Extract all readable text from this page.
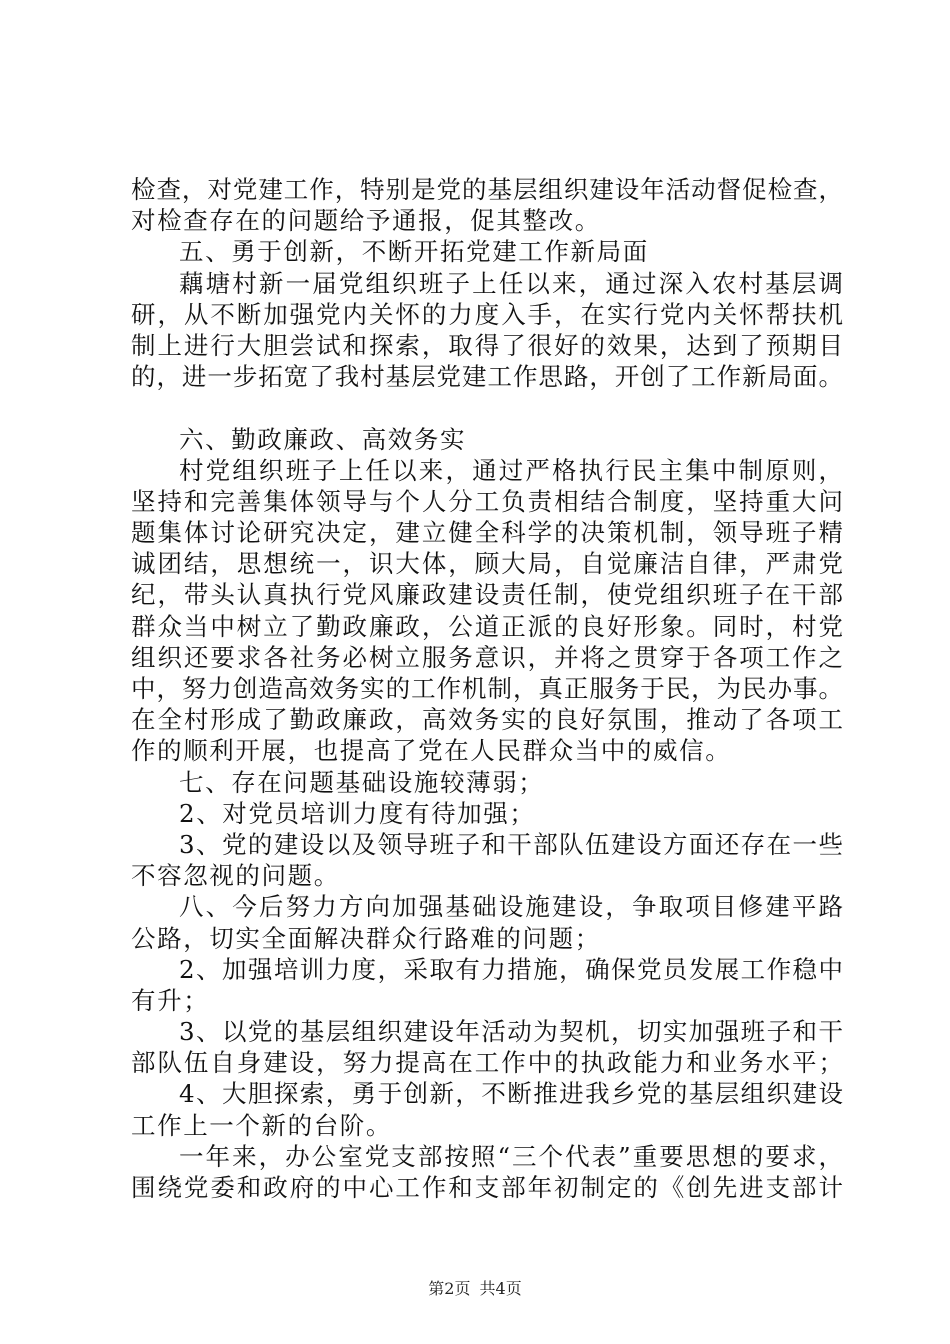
检查，对党建工作，特别是党的基层组织建设年活动督促检查，
对检查存在的问题给予通报，促其整改。
五、勇于创新，不断开拓党建工作新局面
藕塘村新一届党组织班子上任以来，通过深入农村基层调
研，从不断加强党内关怀的力度入手，在实行党内关怀帮扶机
制上进行大胆尝试和探索，取得了很好的效果，达到了预期目
的，进一步拓宽了我村基层党建工作思路，开创了工作新局面。
六、勤政廉政、高效务实
村党组织班子上任以来，通过严格执行民主集中制原则，
坚持和完善集体领导与个人分工负责相结合制度，坚持重大问
题集体讨论研究决定，建立健全科学的决策机制，领导班子精
诚团结，思想统一，识大体，顾大局，自觉廉洁自律，严肃党
纪，带头认真执行党风廉政建设责任制，使党组织班子在干部
群众当中树立了勤政廉政，公道正派的良好形象。同时，村党
组织还要求各社务必树立服务意识，并将之贯穿于各项工作之
中，努力创造高效务实的工作机制，真正服务于民，为民办事。
在全村形成了勤政廉政，高效务实的良好氛围，推动了各项工
作的顺利开展，也提高了党在人民群众当中的威信。
七、存在问题基础设施较薄弱；
2、对党员培训力度有待加强；
3、党的建设以及领导班子和干部队伍建设方面还存在一些
不容忽视的问题。
八、今后努力方向加强基础设施建设，争取项目修建平路
公路，切实全面解决群众行路难的问题；
2、加强培训力度，采取有力措施，确保党员发展工作稳中
有升；
3、以党的基层组织建设年活动为契机，切实加强班子和干
部队伍自身建设，努力提高在工作中的执政能力和业务水平；
4、大胆探索，勇于创新，不断推进我乡党的基层组织建设
工作上一个新的台阶。
一年来，办公室党支部按照“三个代表”重要思想的要求，
围绕党委和政府的中心工作和支部年初制定的《创先进支部计
第2页 共4页
